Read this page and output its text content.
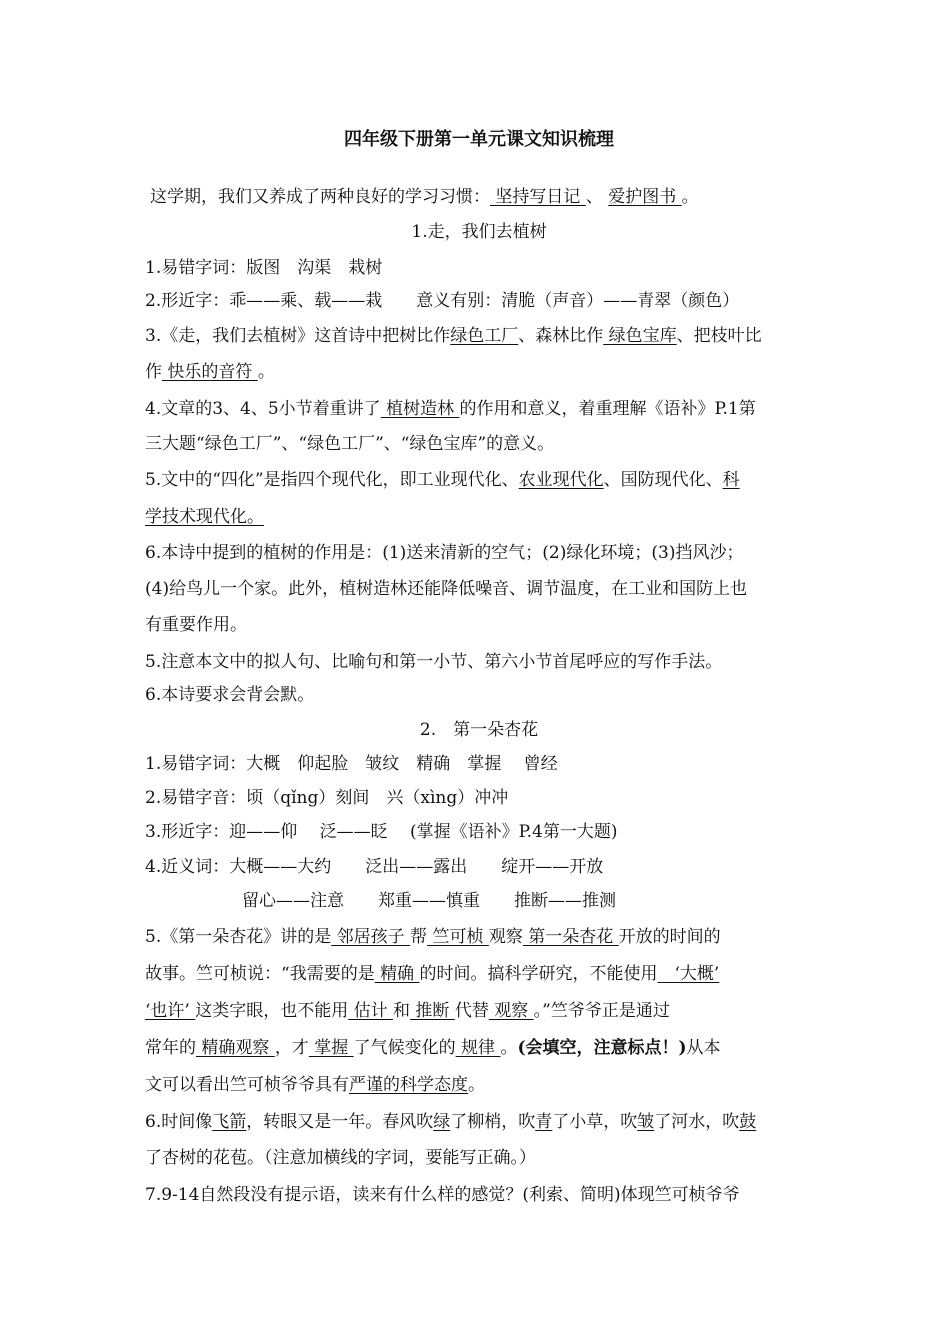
四年级下册第一单元课文知识梳理
这学期，我们又养成了两种良好的学习习惯： 坚持写日记 、 爱护图书 。
1.走，我们去植树
1.易错字词：版图　沟渠　栽树
2.形近字：乖——乘、载——栽　　意义有别：清脆（声音）——青翠（颜色）
3.《走，我们去植树》这首诗中把树比作绿色工厂、森林比作 绿色宝库、把枝叶比
作 快乐的音符 。
4.文章的3、4、5小节着重讲了 植树造林 的作用和意义，着重理解《语补》P.1第
三大题“绿色工厂”、“绿色工厂”、“绿色宝库”的意义。
5.文中的“四化”是指四个现代化，即工业现代化、农业现代化、国防现代化、科
学技术现代化。
6.本诗中提到的植树的作用是：(1)送来清新的空气；(2)绿化环境；(3)挡风沙；
(4)给鸟儿一个家。此外，植树造林还能降低噪音、调节温度，在工业和国防上也
有重要作用。
5.注意本文中的拟人句、比喻句和第一小节、第六小节首尾呼应的写作手法。
6.本诗要求会背会默。
2.　第一朵杏花
1.易错字词：大概　仰起脸　皱纹　精确　掌握　 曾经
2.易错字音：顷（qǐng）刻间　兴（xìng）冲冲
3.形近字：迎——仰　 泛——眨　 (掌握《语补》P.4第一大题)
4.近义词：大概——大约　　泛出——露出　　绽开——开放
留心——注意　　郑重——慎重　　推断——推测
5.《第一朵杏花》讲的是 邻居孩子 帮 竺可桢 观察 第一朵杏花 开放的时间的
故事。竺可桢说：“我需要的是 精确 的时间。搞科学研究，不能使用　‘大概’
‘也许’ 这类字眼，也不能用 估计 和 推断 代替 观察 。”竺爷爷正是通过
常年的 精确观察 ，才 掌握 了气候变化的 规律 。(会填空，注意标点！)从本
文可以看出竺可桢爷爷具有严谨的科学态度。
6.时间像飞箭，转眼又是一年。春风吹绿了柳梢，吹青了小草，吹皱了河水，吹鼓
了杏树的花苞。（注意加横线的字词，要能写正确。）
7.9-14自然段没有提示语，读来有什么样的感觉？(利索、简明)体现竺可桢爷爷
